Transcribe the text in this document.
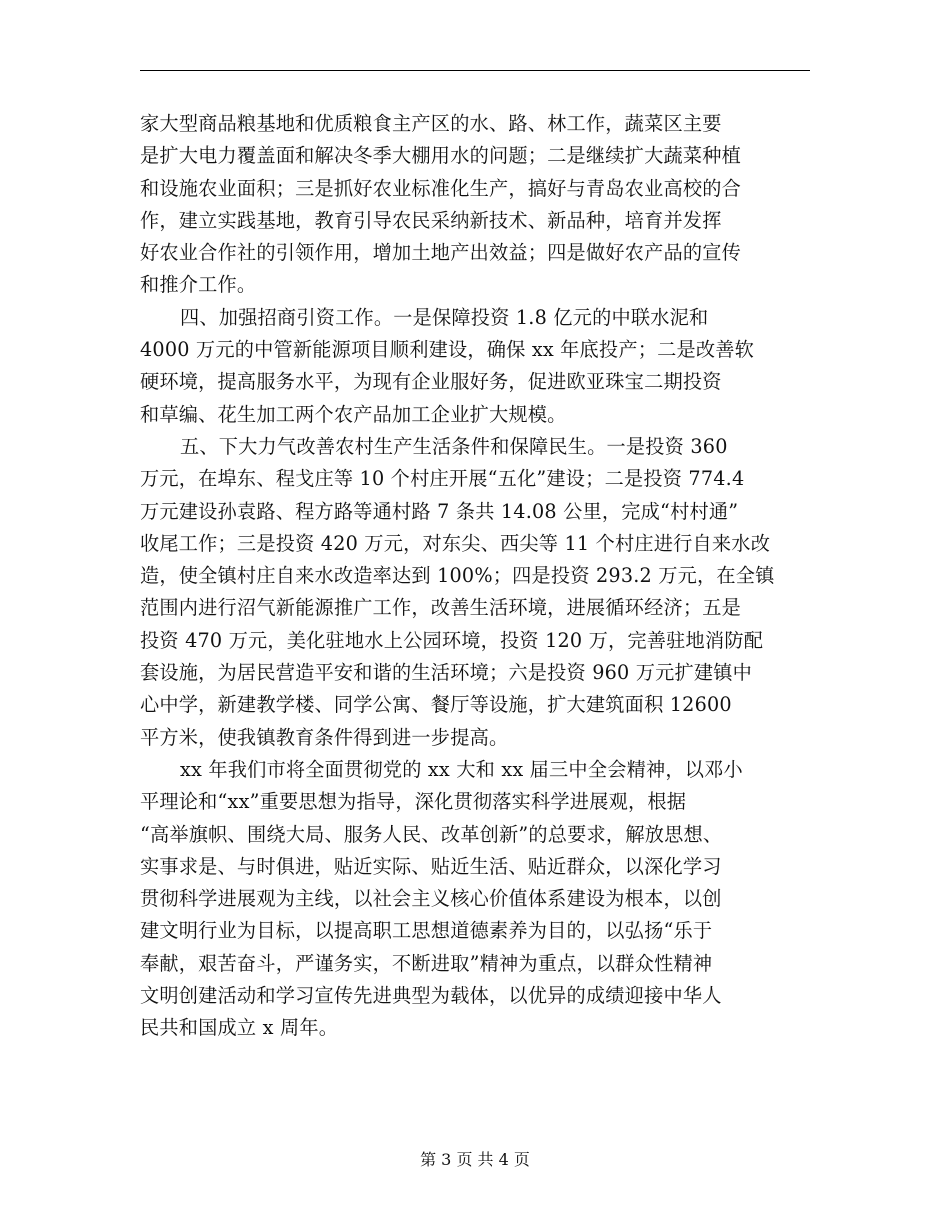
家大型商品粮基地和优质粮食主产区的水、路、林工作，蔬菜区主要
是扩大电力覆盖面和解决冬季大棚用水的问题；二是继续扩大蔬菜种植
和设施农业面积；三是抓好农业标准化生产，搞好与青岛农业高校的合
作，建立实践基地，教育引导农民采纳新技术、新品种，培育并发挥
好农业合作社的引领作用，增加土地产出效益；四是做好农产品的宣传
和推介工作。
四、加强招商引资工作。一是保障投资 1.8 亿元的中联水泥和
4000 万元的中管新能源项目顺利建设，确保 xx 年底投产；二是改善软
硬环境，提高服务水平，为现有企业服好务，促进欧亚珠宝二期投资
和草编、花生加工两个农产品加工企业扩大规模。
五、下大力气改善农村生产生活条件和保障民生。一是投资 360
万元，在埠东、程戈庄等 10 个村庄开展“五化”建设；二是投资 774.4
万元建设孙袁路、程方路等通村路 7 条共 14.08 公里，完成“村村通”
收尾工作；三是投资 420 万元，对东尖、西尖等 11 个村庄进行自来水改
造，使全镇村庄自来水改造率达到 100%；四是投资 293.2 万元，在全镇
范围内进行沼气新能源推广工作，改善生活环境，进展循环经济；五是
投资 470 万元，美化驻地水上公园环境，投资 120 万，完善驻地消防配
套设施，为居民营造平安和谐的生活环境；六是投资 960 万元扩建镇中
心中学，新建教学楼、同学公寓、餐厅等设施，扩大建筑面积 12600
平方米，使我镇教育条件得到进一步提高。
xx 年我们市将全面贯彻党的 xx 大和 xx 届三中全会精神，以邓小
平理论和“xx”重要思想为指导，深化贯彻落实科学进展观，根据
“高举旗帜、围绕大局、服务人民、改革创新”的总要求，解放思想、
实事求是、与时俱进，贴近实际、贴近生活、贴近群众，以深化学习
贯彻科学进展观为主线，以社会主义核心价值体系建设为根本，以创
建文明行业为目标，以提高职工思想道德素养为目的，以弘扬“乐于
奉献，艰苦奋斗，严谨务实，不断进取”精神为重点，以群众性精神
文明创建活动和学习宣传先进典型为载体，以优异的成绩迎接中华人
民共和国成立 x 周年。
第 3 页 共 4 页
